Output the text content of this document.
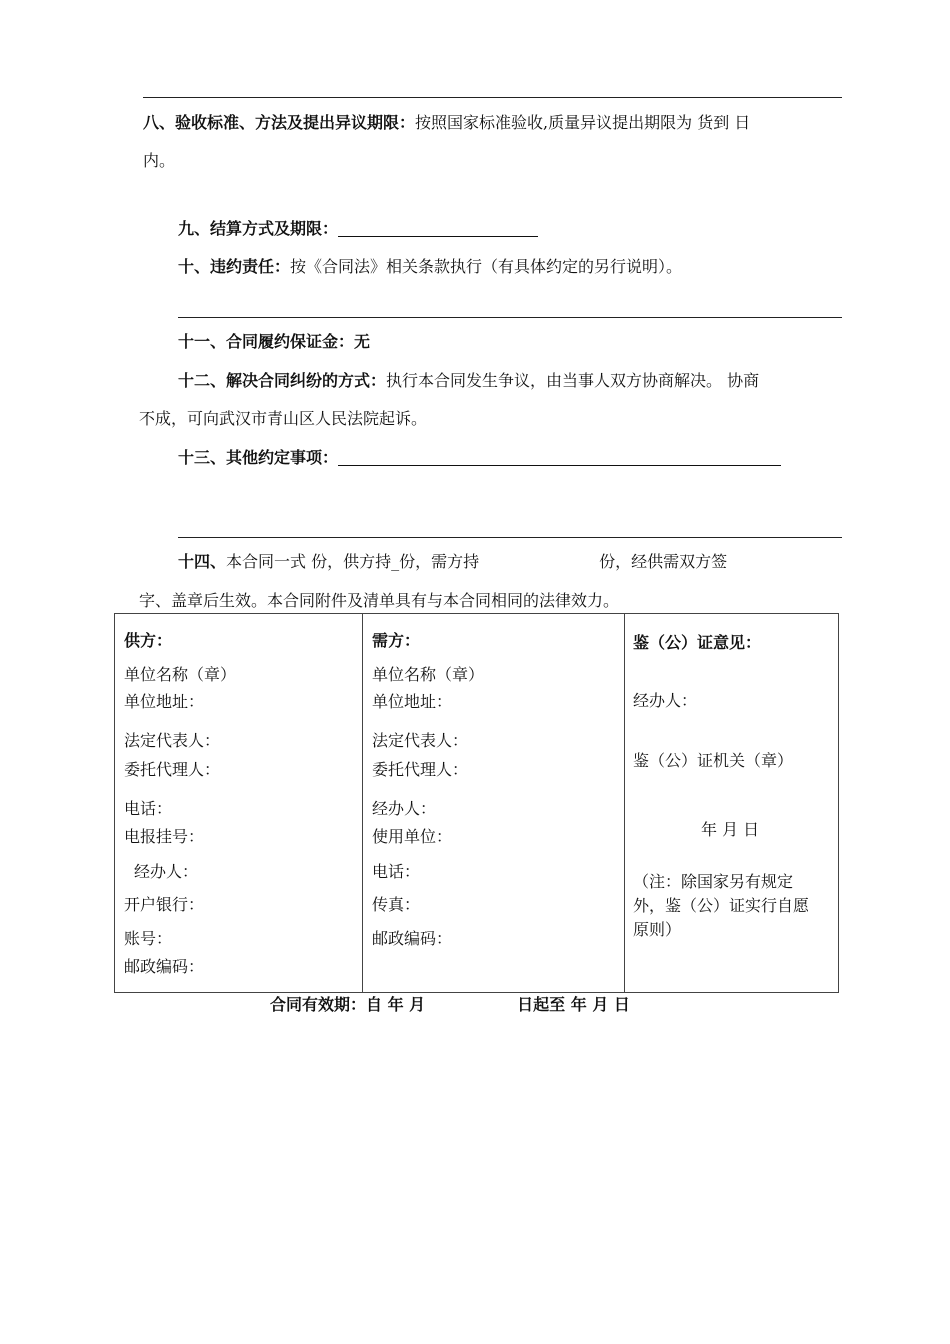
八、验收标准、方法及提出异议期限：按照国家标准验收,质量异议提出期限为 货到 日
内。
九、结算方式及期限：
十、违约责任：按《合同法》相关条款执行（有具体约定的另行说明）。
十一、合同履约保证金：无
十二、解决合同纠纷的方式：执行本合同发生争议，由当事人双方协商解决。 协商
不成，可向武汉市青山区人民法院起诉。
十三、其他约定事项：
十四、本合同一式 份，供方持_份，需方持	份，经供需双方签
字、盖章后生效。本合同附件及清单具有与本合同相同的法律效力。
供方：
单位名称（章）
单位地址：
法定代表人：
委托代理人：
电话：
电报挂号：
经办人：
开户银行：
账号：
邮政编码：

需方：
单位名称（章）
单位地址：
法定代表人：
委托代理人：
经办人：
使用单位：
电话：
传真：
邮政编码：

鉴（公）证意见：
经办人：
鉴（公）证机关（章）
年 月 日
（注：除国家另有规定外，鉴（公）证实行自愿原则）
合同有效期：自 年 月	日起至 年 月 日
